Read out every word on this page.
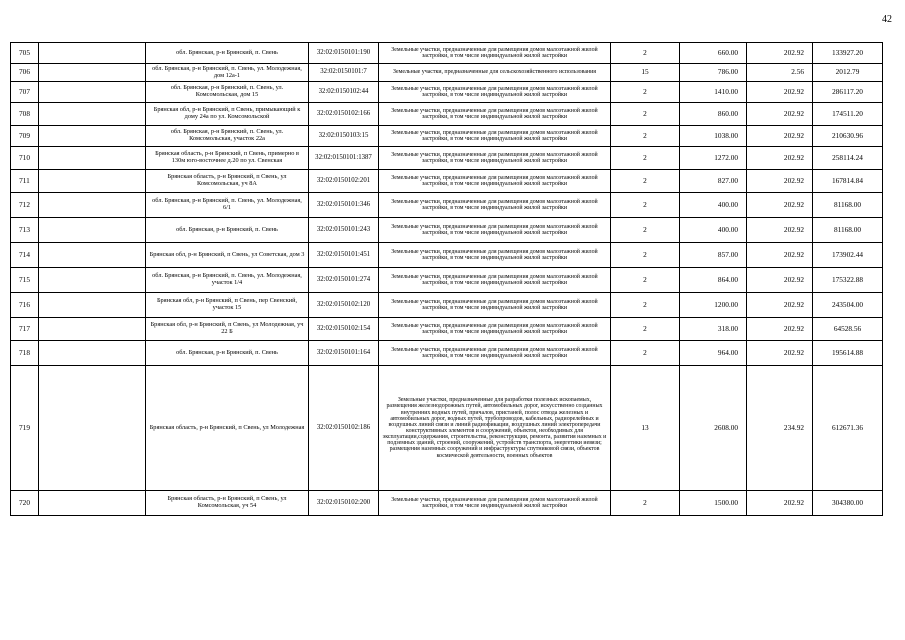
42
705		обл. Брянская, р-н Брянский, п. Свень	32:02:0150101:190	Земельные участки, предназначенные для размещения домов малоэтажной жилой застройки, в том числе индивидуальной жилой застройки	2	660.00	202.92	133927.20
706		обл. Брянская, р-н Брянский, п. Свень, ул. Молодежная, дом 12а-1	32:02:0150101:7	Земельные участки, предназначенные для сельскохозяйственного использования	15	786.00	2.56	2012.79
707		обл. Брянская, р-н Брянский, п. Свень, ул. Комсомольская, дом 15	32:02:0150102:44	Земельные участки, предназначенные для размещения домов малоэтажной жилой застройки, в том числе индивидуальной жилой застройки	2	1410.00	202.92	286117.20
708		Брянская обл, р-н Брянский, п Свень, примыкающий к дому 24а по ул. Комсомольской	32:02:0150102:166	Земельные участки, предназначенные для размещения домов малоэтажной жилой застройки, в том числе индивидуальной жилой застройки	2	860.00	202.92	174511.20
709		обл. Брянская, р-н Брянский, п. Свень, ул. Комсомольская, участок 22а	32:02:0150103:15	Земельные участки, предназначенные для размещения домов малоэтажной жилой застройки, в том числе индивидуальной жилой застройки	2	1038.00	202.92	210630.96
710		Брянская область, р-н Брянский, п Свень, примерно в 130м юго-восточнее д.20 по ул. Свенская	32:02:0150101:1387	Земельные участки, предназначенные для размещения домов малоэтажной жилой застройки, в том числе индивидуальной жилой застройки	2	1272.00	202.92	258114.24
711		Брянская область, р-н Брянский, п Свень, ул Комсомольская, уч 8А	32:02:0150102:201	Земельные участки, предназначенные для размещения домов малоэтажной жилой застройки, в том числе индивидуальной жилой застройки	2	827.00	202.92	167814.84
712		обл. Брянская, р-н Брянский, п. Свень, ул. Молодежная, 6/1	32:02:0150101:346	Земельные участки, предназначенные для размещения домов малоэтажной жилой застройки, в том числе индивидуальной жилой застройки	2	400.00	202.92	81168.00
713		обл. Брянская, р-н Брянский, п. Свень	32:02:0150101:243	Земельные участки, предназначенные для размещения домов малоэтажной жилой застройки, в том числе индивидуальной жилой застройки	2	400.00	202.92	81168.00
714		Брянская обл, р-н Брянский, п Свень, ул Советская, дом 3	32:02:0150101:451	Земельные участки, предназначенные для размещения домов малоэтажной жилой застройки, в том числе индивидуальной жилой застройки	2	857.00	202.92	173902.44
715		обл. Брянская, р-н Брянский, п. Свень, ул. Молодежная, участок 1/4	32:02:0150101:274	Земельные участки, предназначенные для размещения домов малоэтажной жилой застройки, в том числе индивидуальной жилой застройки	2	864.00	202.92	175322.88
716		Брянская обл, р-н Брянский, п Свень, пер Свенский, участок 15	32:02:0150102:120	Земельные участки, предназначенные для размещения домов малоэтажной жилой застройки, в том числе индивидуальной жилой застройки	2	1200.00	202.92	243504.00
717		Брянская обл, р-н Брянский, п Свень, ул Молодежная, уч 22 Б	32:02:0150102:154	Земельные участки, предназначенные для размещения домов малоэтажной жилой застройки, в том числе индивидуальной жилой застройки	2	318.00	202.92	64528.56
718		обл. Брянская, р-н Брянский, п. Свень	32:02:0150101:164	Земельные участки, предназначенные для размещения домов малоэтажной жилой застройки, в том числе индивидуальной жилой застройки	2	964.00	202.92	195614.88
719		Брянская область, р-н Брянский, п Свень, ул Молодежная	32:02:0150102:186	Земельные участки, предназначенные для разработки полезных ископаемых, размещения железнодорожных путей, автомобильных дорог, искусственно созданных внутренних водных путей, причалов, пристаней, полос отвода железных и автомобильных дорог, водных путей, трубопроводов, кабельных, радиорелейных и воздушных линий связи и линий радиофикации, воздушных линий электропередачи конструктивных элементов и сооружений, объектов, необходимых для эксплуатации,содержания, строительства, реконструкции, ремонта, развития наземных и подземных зданий, строений, сооружений, устройств транспорта, энергетики иевязи; размещения наземных сооружений и инфраструктуры спутниковой связи, объектов космической деятельности, военных объектов	13	2608.00	234.92	612671.36
720		Брянская область, р-н Брянский, п Свень, ул Комсомольская, уч 54	32:02:0150102:200	Земельные участки, предназначенные для размещения домов малоэтажной жилой застройки, в том числе индивидуальной жилой застройки	2	1500.00	202.92	304380.00
